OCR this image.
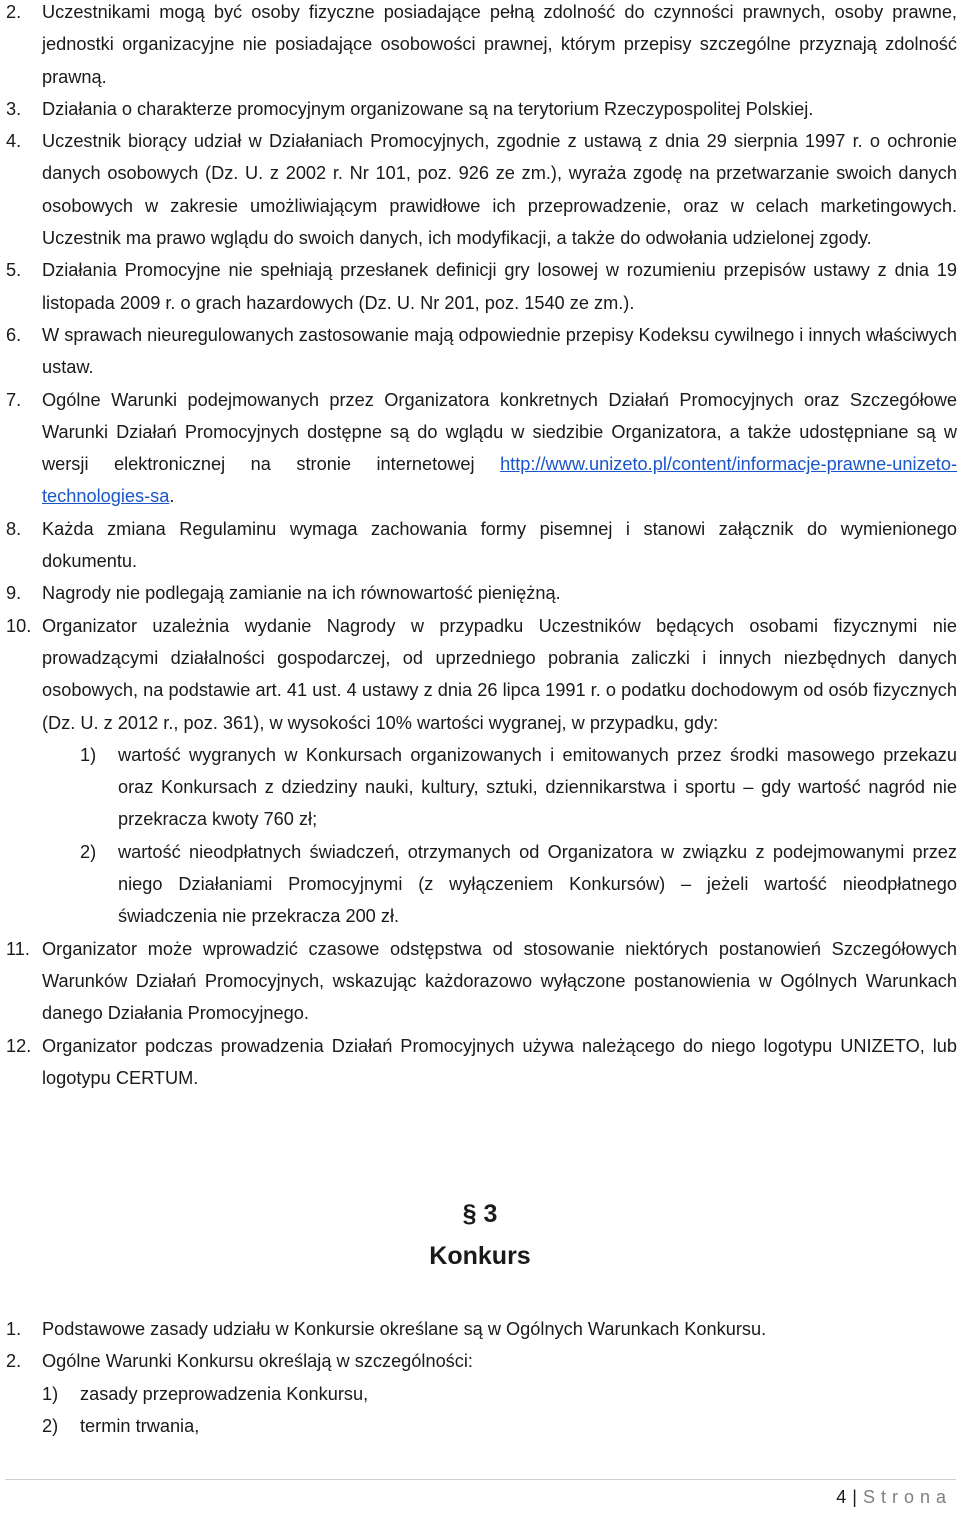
2. Uczestnikami mogą być osoby fizyczne posiadające pełną zdolność do czynności prawnych, osoby prawne, jednostki organizacyjne nie posiadające osobowości prawnej, którym przepisy szczególne przyznają zdolność prawną.
3. Działania o charakterze promocyjnym organizowane są na terytorium Rzeczypospolitej Polskiej.
4. Uczestnik biorący udział w Działaniach Promocyjnych, zgodnie z ustawą z dnia 29 sierpnia 1997 r. o ochronie danych osobowych (Dz. U. z 2002 r. Nr 101, poz. 926 ze zm.), wyraża zgodę na przetwarzanie swoich danych osobowych w zakresie umożliwiającym prawidłowe ich przeprowadzenie, oraz w celach marketingowych. Uczestnik ma prawo wglądu do swoich danych, ich modyfikacji, a także do odwołania udzielonej zgody.
5. Działania Promocyjne nie spełniają przesłanek definicji gry losowej w rozumieniu przepisów ustawy z dnia 19 listopada 2009 r. o grach hazardowych (Dz. U. Nr 201, poz. 1540 ze zm.).
6. W sprawach nieuregulowanych zastosowanie mają odpowiednie przepisy Kodeksu cywilnego i innych właściwych ustaw.
7. Ogólne Warunki podejmowanych przez Organizatora konkretnych Działań Promocyjnych oraz Szczegółowe Warunki Działań Promocyjnych dostępne są do wglądu w siedzibie Organizatora, a także udostępniane są w wersji elektronicznej na stronie internetowej http://www.unizeto.pl/content/informacje-prawne-unizeto-technologies-sa.
8. Każda zmiana Regulaminu wymaga zachowania formy pisemnej i stanowi załącznik do wymienionego dokumentu.
9. Nagrody nie podlegają zamianie na ich równowartość pieniężną.
10. Organizator uzależnia wydanie Nagrody w przypadku Uczestników będących osobami fizycznymi nie prowadzącymi działalności gospodarczej, od uprzedniego pobrania zaliczki i innych niezbędnych danych osobowych, na podstawie art. 41 ust. 4 ustawy z dnia 26 lipca 1991 r. o podatku dochodowym od osób fizycznych (Dz. U. z 2012 r., poz. 361), w wysokości 10% wartości wygranej, w przypadku, gdy:
1) wartość wygranych w Konkursach organizowanych i emitowanych przez środki masowego przekazu oraz Konkursach z dziedziny nauki, kultury, sztuki, dziennikarstwa i sportu – gdy wartość nagród nie przekracza kwoty 760 zł;
2) wartość nieodpłatnych świadczeń, otrzymanych od Organizatora w związku z podejmowanymi przez niego Działaniami Promocyjnymi (z wyłączeniem Konkursów) – jeżeli wartość nieodpłatnego świadczenia nie przekracza 200 zł.
11. Organizator może wprowadzić czasowe odstępstwa od stosowanie niektórych postanowień Szczegółowych Warunków Działań Promocyjnych, wskazując każdorazowo wyłączone postanowienia w Ogólnych Warunkach danego Działania Promocyjnego.
12. Organizator podczas prowadzenia Działań Promocyjnych używa należącego do niego logotypu UNIZETO, lub logotypu CERTUM.
§ 3
Konkurs
1. Podstawowe zasady udziału w Konkursie określane są w Ogólnych Warunkach Konkursu.
2. Ogólne Warunki Konkursu określają w szczególności:
1) zasady przeprowadzenia Konkursu,
2) termin trwania,
4 | Strona
